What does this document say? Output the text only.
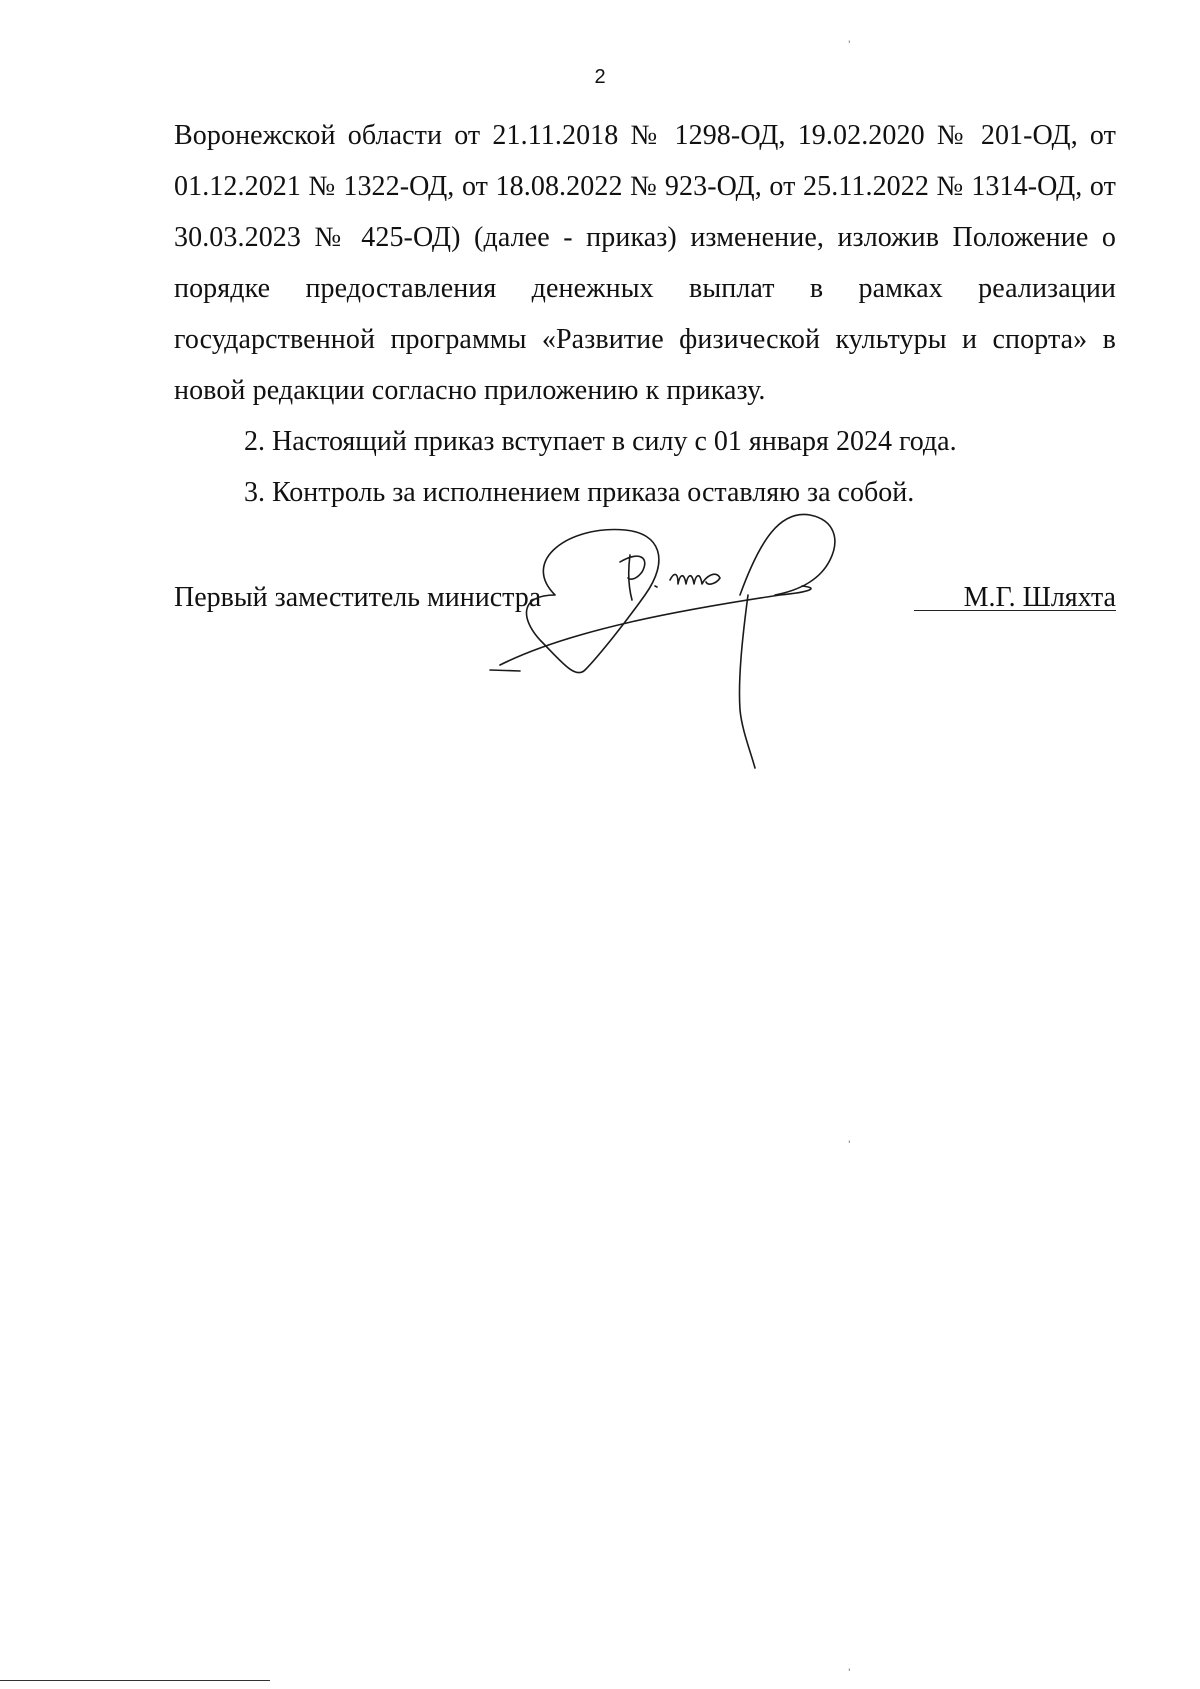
2

Воронежской области от 21.11.2018 № 1298-ОД, 19.02.2020 № 201-ОД, от 01.12.2021 № 1322-ОД, от 18.08.2022 № 923-ОД, от 25.11.2022 № 1314-ОД, от 30.03.2023 № 425-ОД) (далее - приказ) изменение, изложив Положение о порядке предоставления денежных выплат в рамках реализации государственной программы «Развитие физической культуры и спорта» в новой редакции согласно приложению к приказу.

2. Настоящий приказ вступает в силу с 01 января 2024 года.

3. Контроль за исполнением приказа оставляю за собой.

Первый заместитель министра	М.Г. Шляхта
'
'
'
